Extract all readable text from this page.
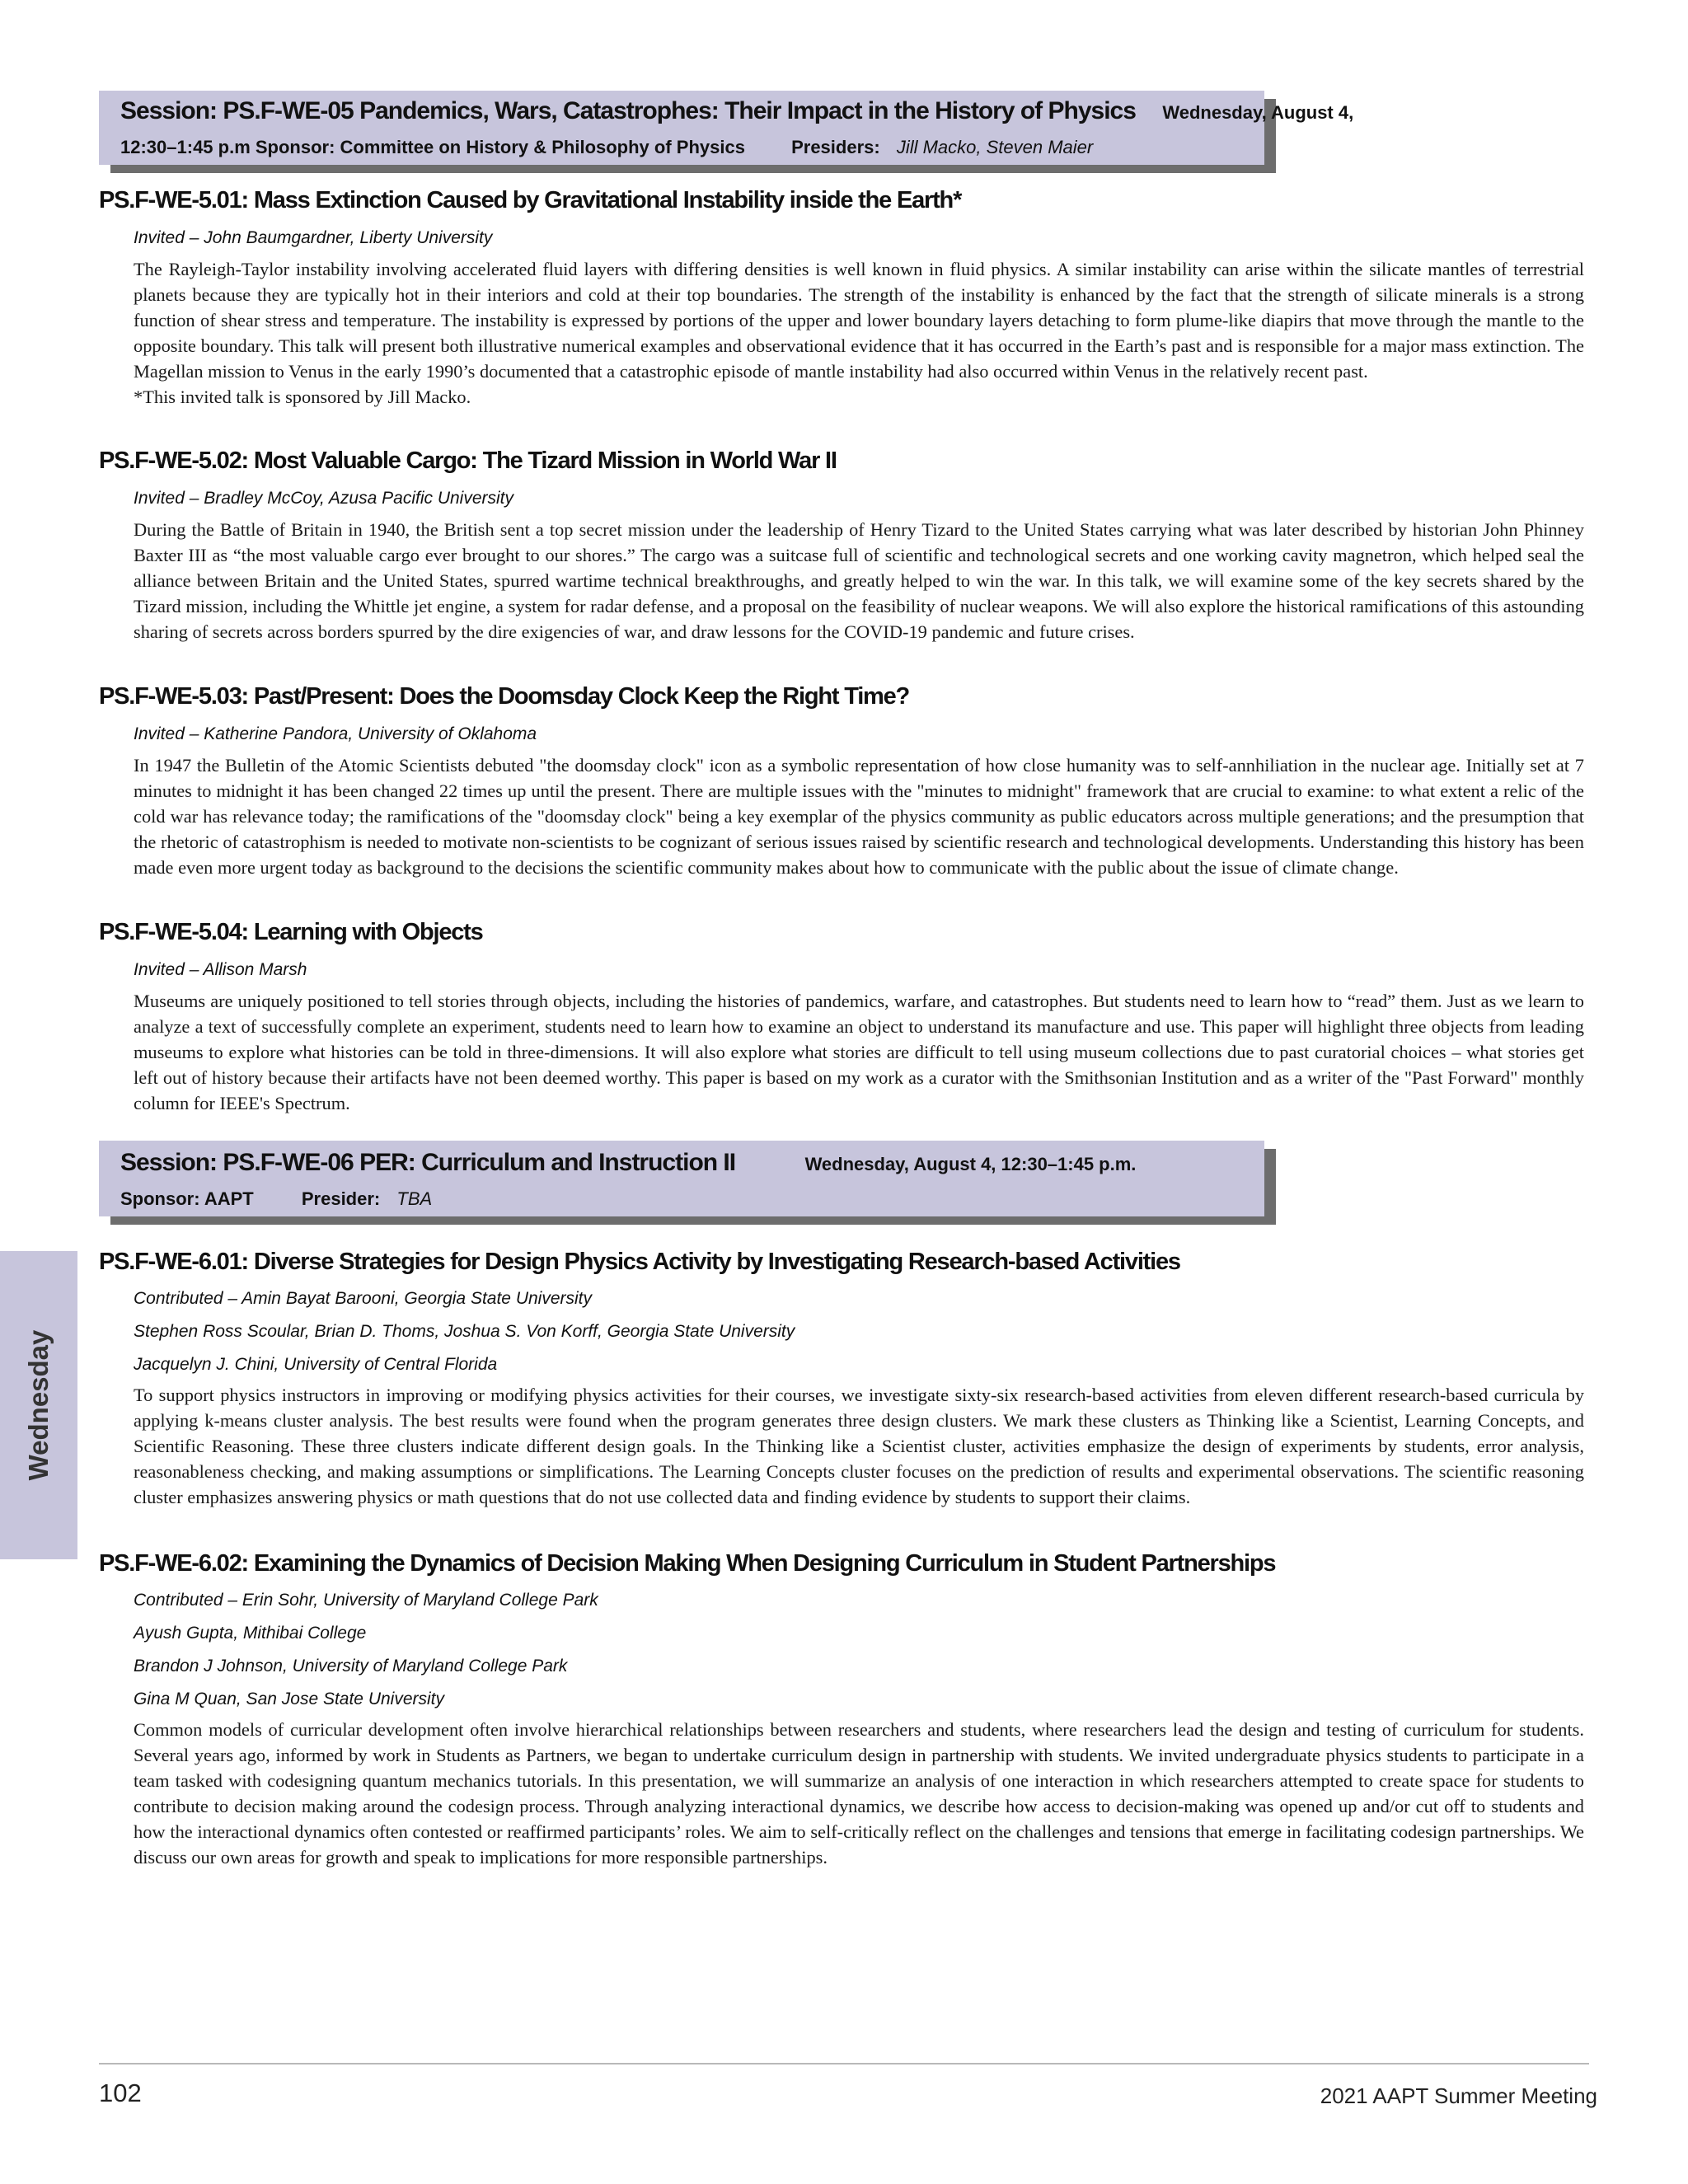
Session: PS.F-WE-05 Pandemics, Wars, Catastrophes: Their Impact in the History of Physics Wednesday, August 4,
12:30–1:45 p.m Sponsor: Committee on History & Philosophy of Physics	Presiders: Jill Macko, Steven Maier
PS.F-WE-5.01: Mass Extinction Caused by Gravitational Instability inside the Earth*
Invited – John Baumgardner, Liberty University

The Rayleigh-Taylor instability involving accelerated fluid layers with differing densities is well known in fluid physics. A similar instability can arise within the silicate mantles of terrestrial planets because they are typically hot in their interiors and cold at their top boundaries. The strength of the instability is enhanced by the fact that the strength of silicate minerals is a strong function of shear stress and temperature. The instability is expressed by portions of the upper and lower boundary layers detaching to form plume-like diapirs that move through the mantle to the opposite boundary. This talk will present both illustrative numerical examples and observational evidence that it has occurred in the Earth’s past and is responsible for a major mass extinction. The Magellan mission to Venus in the early 1990’s documented that a catastrophic episode of mantle instability had also occurred within Venus in the relatively recent past.

*This invited talk is sponsored by Jill Macko.

PS.F-WE-5.02: Most Valuable Cargo: The Tizard Mission in World War II
Invited – Bradley McCoy, Azusa Pacific University

During the Battle of Britain in 1940, the British sent a top secret mission under the leadership of Henry Tizard to the United States carrying what was later described by historian John Phinney Baxter III as “the most valuable cargo ever brought to our shores.” The cargo was a suitcase full of scientific and technological secrets and one working cavity magnetron, which helped seal the alliance between Britain and the United States, spurred wartime technical breakthroughs, and greatly helped to win the war. In this talk, we will examine some of the key secrets shared by the Tizard mission, including the Whittle jet engine, a system for radar defense, and a proposal on the feasibility of nuclear weapons. We will also explore the historical ramifications of this astounding sharing of secrets across borders spurred by the dire exigencies of war, and draw lessons for the COVID-19 pandemic and future crises.

PS.F-WE-5.03: Past/Present: Does the Doomsday Clock Keep the Right Time?
Invited – Katherine Pandora, University of Oklahoma

In 1947 the Bulletin of the Atomic Scientists debuted "the doomsday clock" icon as a symbolic representation of how close humanity was to self-annhiliation in the nuclear age. Initially set at 7 minutes to midnight it has been changed 22 times up until the present. There are multiple issues with the "minutes to midnight" framework that are crucial to examine: to what extent a relic of the cold war has relevance today; the ramifications of the "doomsday clock" being a key exemplar of the physics community as public educators across multiple generations; and the presumption that the rhetoric of catastrophism is needed to motivate non-scientists to be cognizant of serious issues raised by scientific research and technological developments. Understanding this history has been made even more urgent today as background to the decisions the scientific community makes about how to communicate with the public about the issue of climate change.

PS.F-WE-5.04: Learning with Objects
Invited – Allison Marsh

Museums are uniquely positioned to tell stories through objects, including the histories of pandemics, warfare, and catastrophes. But students need to learn how to “read” them. Just as we learn to analyze a text of successfully complete an experiment, students need to learn how to examine an object to understand its manufacture and use. This paper will highlight three objects from leading museums to explore what histories can be told in three-dimensions. It will also explore what stories are difficult to tell using museum collections due to past curatorial choices – what stories get left out of history because their artifacts have not been deemed worthy. This paper is based on my work as a curator with the Smithsonian Institution and as a writer of the "Past Forward" monthly column for IEEE's Spectrum.

Session: PS.F-WE-06 PER: Curriculum and Instruction II	Wednesday, August 4, 12:30–1:45 p.m.
Sponsor: AAPT	Presider: TBA
PS.F-WE-6.01: Diverse Strategies for Design Physics Activity by Investigating Research-based Activities
Contributed – Amin Bayat Barooni, Georgia State University
Stephen Ross Scoular, Brian D. Thoms, Joshua S. Von Korff, Georgia State University
Jacquelyn J. Chini, University of Central Florida

To support physics instructors in improving or modifying physics activities for their courses, we investigate sixty-six research-based activities from eleven different research-based curricula by applying k-means cluster analysis. The best results were found when the program generates three design clusters. We mark these clusters as Thinking like a Scientist, Learning Concepts, and Scientific Reasoning. These three clusters indicate different design goals. In the Thinking like a Scientist cluster, activities emphasize the design of experiments by students, error analysis, reasonableness checking, and making assumptions or simplifications. The Learning Concepts cluster focuses on the prediction of results and experimental observations. The scientific reasoning cluster emphasizes answering physics or math questions that do not use collected data and finding evidence by students to support their claims.

PS.F-WE-6.02: Examining the Dynamics of Decision Making When Designing Curriculum in Student Partnerships
Contributed – Erin Sohr, University of Maryland College Park
Ayush Gupta, Mithibai College
Brandon J Johnson, University of Maryland College Park
Gina M Quan, San Jose State University

Common models of curricular development often involve hierarchical relationships between researchers and students, where researchers lead the design and testing of curriculum for students. Several years ago, informed by work in Students as Partners, we began to undertake curriculum design in partnership with students. We invited undergraduate physics students to participate in a team tasked with codesigning quantum mechanics tutorials. In this presentation, we will summarize an analysis of one interaction in which researchers attempted to create space for students to contribute to decision making around the codesign process. Through analyzing interactional dynamics, we describe how access to decision-making was opened up and/or cut off to students and how the interactional dynamics often contested or reaffirmed participants’ roles. We aim to self-critically reflect on the challenges and tensions that emerge in facilitating codesign partnerships. We discuss our own areas for growth and speak to implications for more responsible partnerships.

Wednesday
102	2021 AAPT Summer Meeting
